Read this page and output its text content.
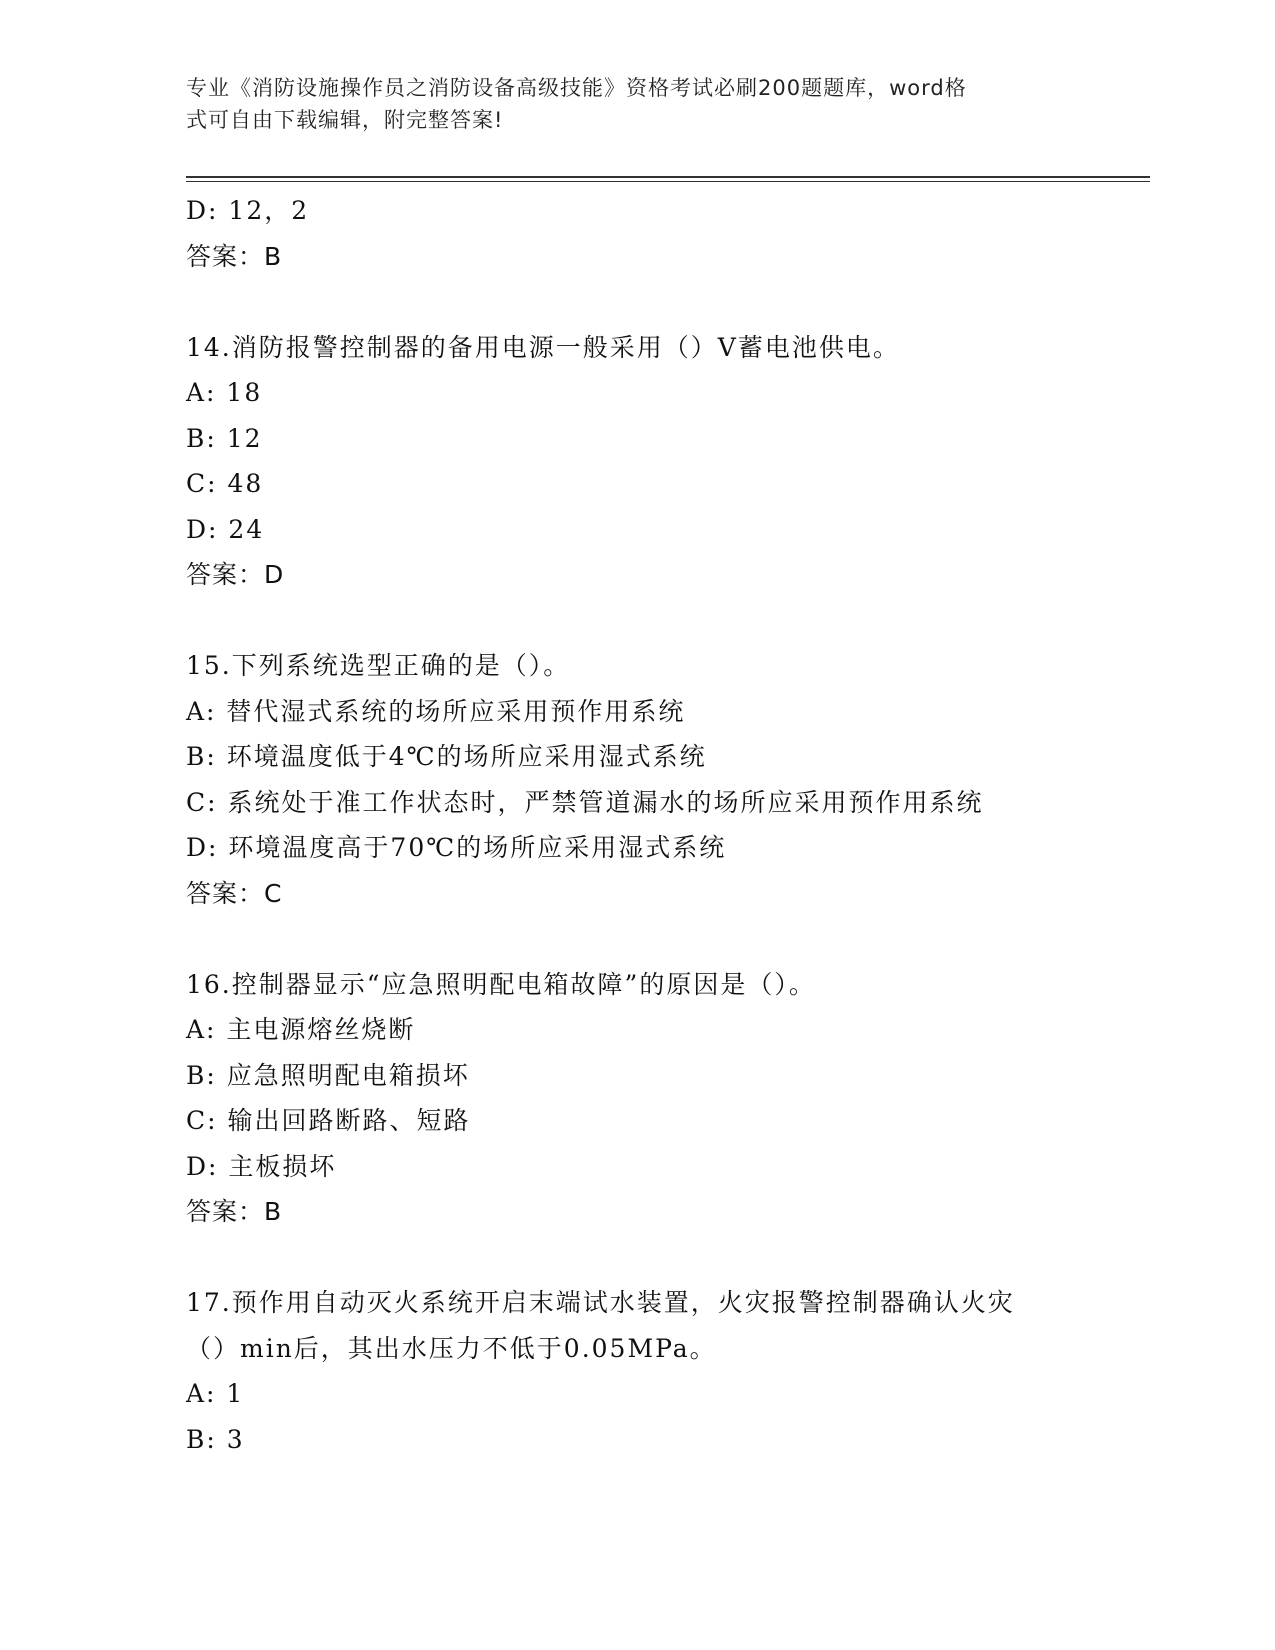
专业《消防设施操作员之消防设备高级技能》资格考试必刷200题题库，word格
式可自由下载编辑，附完整答案!
D: 12，2
答案：B
14.消防报警控制器的备用电源一般采用（）V蓄电池供电。
A: 18
B: 12
C: 48
D: 24
答案：D
15.下列系统选型正确的是（）。
A: 替代湿式系统的场所应采用预作用系统
B: 环境温度低于4℃的场所应采用湿式系统
C: 系统处于准工作状态时，严禁管道漏水的场所应采用预作用系统
D: 环境温度高于70℃的场所应采用湿式系统
答案：C
16.控制器显示“应急照明配电箱故障”的原因是（）。
A: 主电源熔丝烧断
B: 应急照明配电箱损坏
C: 输出回路断路、短路
D: 主板损坏
答案：B
17.预作用自动灭火系统开启末端试水装置，火灾报警控制器确认火灾
（）min后，其出水压力不低于0.05MPa。
A: 1
B: 3
